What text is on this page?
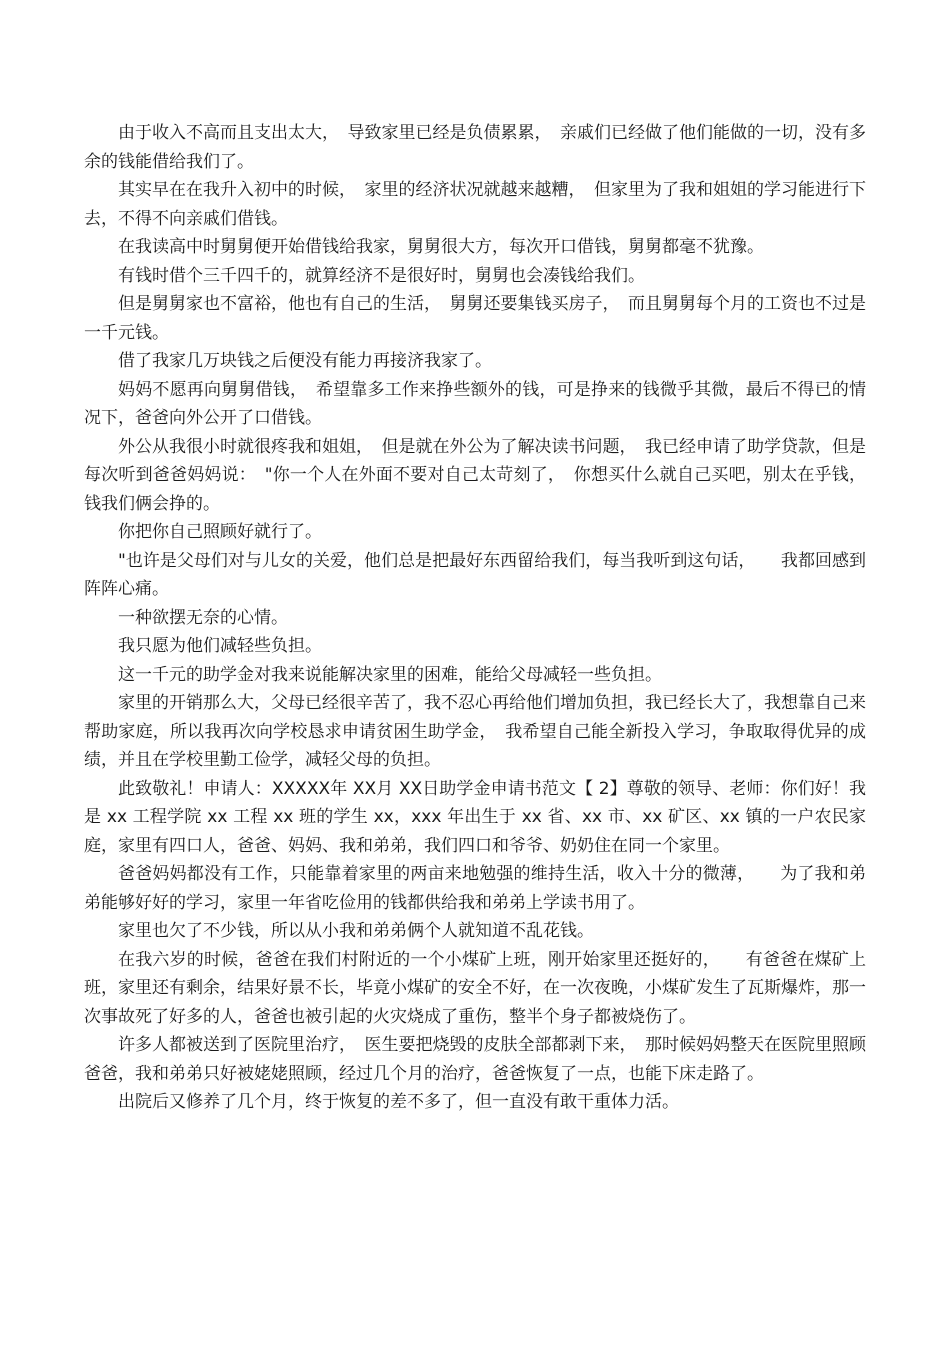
由于收入不高而且支出太大，　导致家里已经是负债累累，　亲戚们已经做了他们能做的一切，没有多余的钱能借给我们了。

其实早在在我升入初中的时候，　家里的经济状况就越来越糟，　但家里为了我和姐姐的学习能进行下去，不得不向亲戚们借钱。

在我读高中时舅舅便开始借钱给我家，舅舅很大方，每次开口借钱，舅舅都毫不犹豫。

有钱时借个三千四千的，就算经济不是很好时，舅舅也会凑钱给我们。

但是舅舅家也不富裕，他也有自己的生活，　舅舅还要集钱买房子，　而且舅舅每个月的工资也不过是一千元钱。

借了我家几万块钱之后便没有能力再接济我家了。

妈妈不愿再向舅舅借钱，　希望靠多工作来挣些额外的钱，可是挣来的钱微乎其微，最后不得已的情况下，爸爸向外公开了口借钱。

外公从我很小时就很疼我和姐姐，　但是就在外公为了解决读书问题，　我已经申请了助学贷款，但是每次听到爸爸妈妈说：　"你一个人在外面不要对自己太苛刻了，　你想买什么就自己买吧，别太在乎钱，钱我们俩会挣的。

你把你自己照顾好就行了。

"也许是父母们对与儿女的关爱，他们总是把最好东西留给我们，每当我听到这句话，　　我都回感到阵阵心痛。

一种欲摆无奈的心情。

我只愿为他们减轻些负担。

这一千元的助学金对我来说能解决家里的困难，能给父母减轻一些负担。

家里的开销那么大，父母已经很辛苦了，我不忍心再给他们增加负担，我已经长大了，我想靠自己来帮助家庭，所以我再次向学校恳求申请贫困生助学金，　我希望自己能全新投入学习，争取取得优异的成绩，并且在学校里勤工俭学，减轻父母的负担。

此致敬礼！申请人：XXXXX年 XX月 XX日助学金申请书范文【 2】尊敬的领导、老师：你们好！我是 xx 工程学院 xx 工程 xx 班的学生 xx，xxx 年出生于 xx 省、xx 市、xx 矿区、xx 镇的一户农民家庭，家里有四口人，爸爸、妈妈、我和弟弟，我们四口和爷爷、奶奶住在同一个家里。

爸爸妈妈都没有工作，只能靠着家里的两亩来地勉强的维持生活，收入十分的微薄，　　为了我和弟弟能够好好的学习，家里一年省吃俭用的钱都供给我和弟弟上学读书用了。

家里也欠了不少钱，所以从小我和弟弟俩个人就知道不乱花钱。

在我六岁的时候，爸爸在我们村附近的一个小煤矿上班，刚开始家里还挺好的，　　有爸爸在煤矿上班，家里还有剩余，结果好景不长，毕竟小煤矿的安全不好，在一次夜晚，小煤矿发生了瓦斯爆炸，那一次事故死了好多的人，爸爸也被引起的火灾烧成了重伤，整半个身子都被烧伤了。

许多人都被送到了医院里治疗，　医生要把烧毁的皮肤全部都剥下来，　那时候妈妈整天在医院里照顾爸爸，我和弟弟只好被姥姥照顾，经过几个月的治疗，爸爸恢复了一点，也能下床走路了。

出院后又修养了几个月，终于恢复的差不多了，但一直没有敢干重体力活。
